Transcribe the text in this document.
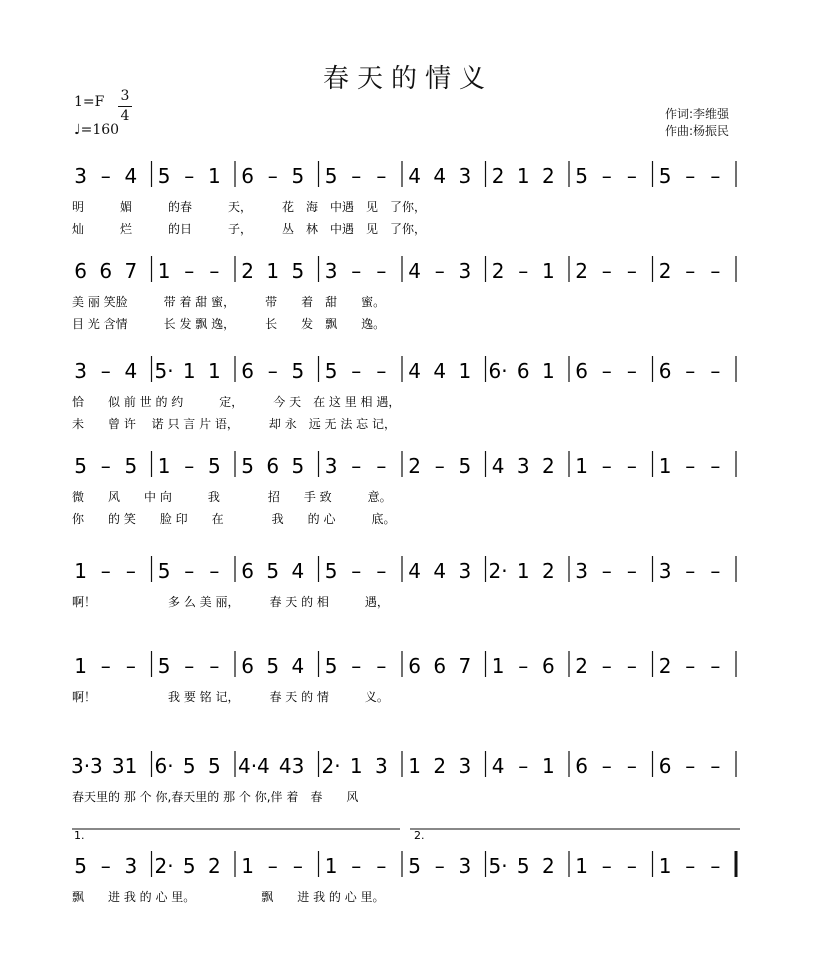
春天的情义
1=F 3
4
♩=160
作词:李维强
作曲:杨振民
3 – 4 5 – 1 6 – 5 5 – – 4 4 3 2 1 2 5 – – 5 – –
明　　　媚　　　的春　　　天，　　　花　海　中遇　见　了你，
灿　　　烂　　　的日　　　子，　　　丛　林　中遇　见　了你，
6 6 7 1 – – 2 1 5 3 – – 4 – 3 2 – 1 2 – – 2 – –
美 丽 笑脸　　　带 着 甜 蜜，　　　带　　着　甜　　蜜。
目 光 含情　　　长 发 飘 逸，　　　长　　发　飘　　逸。
3 – 4 5· 1 1 6 – 5 5 – – 4 4 1 6· 6 1 6 – – 6 – –
恰　　似 前 世 的 约　　　定，　　　今 天　在 这 里 相 遇，
未　　曾 许　 诺 只 言 片 语，　　　却 永　远 无 法 忘 记，
5 – 5 1 – 5 5 6 5 3 – – 2 – 5 4 3 2 1 – – 1 – –
微　　风　　中 向　　　我　　　　招　　手 致　　　意。
你　　的 笑　　脸 印　　在　　　　我　　的 心　　　底。
1 – – 5 – – 6 5 4 5 – – 4 4 3 2· 1 2 3 – – 3 – –
啊！　　　　　　多 么 美 丽，　　　春 天 的 相　　　遇，
1 – – 5 – – 6 5 4 5 – – 6 6 7 1 – 6 2 – – 2 – –
啊！　　　　　　我 要 铭 记，　　　春 天 的 情　　　义。
3·3 31 6· 5 5 4·4 43 2· 1 3 1 2 3 4 – 1 6 – – 6 – –
春天里的 那 个 你,春天里的 那 个 你,伴 着　春　　风
5 – 3 2· 5 2 1 – – 1 – – 5 – 3 5· 5 2 1 – – 1 – –
1.	2.
飘　　进 我 的 心 里。　　　　　　飘　　进 我 的 心 里。
